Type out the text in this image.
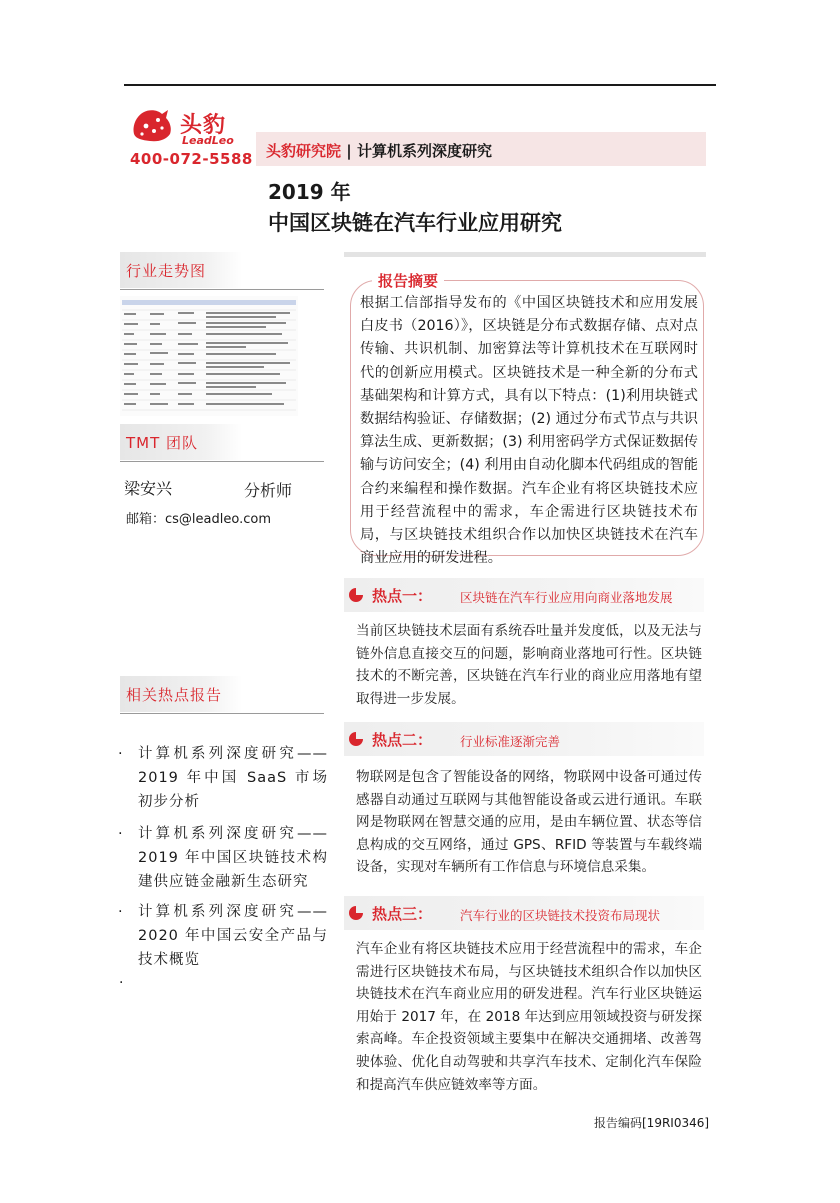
头豹
LeadLeo
400-072-5588 头豹研究院 | 计算机系列深度研究
2019 年
中国区块链在汽车行业应用研究
行业走势图
TMT 团队
梁安兴	分析师
邮箱：cs@leadleo.com
相关热点报告
· 计算机系列深度研究——2019 年中国 SaaS 市场初步分析
· 计算机系列深度研究——2019 年中国区块链技术构建供应链金融新生态研究
· 计算机系列深度研究——2020 年中国云安全产品与技术概览
·
报告摘要
根据工信部指导发布的《中国区块链技术和应用发展白皮书（2016）》，区块链是分布式数据存储、点对点传输、共识机制、加密算法等计算机技术在互联网时代的创新应用模式。区块链技术是一种全新的分布式基础架构和计算方式，具有以下特点：(1)利用块链式数据结构验证、存储数据；(2) 通过分布式节点与共识算法生成、更新数据；(3) 利用密码学方式保证数据传输与访问安全；(4) 利用由自动化脚本代码组成的智能合约来编程和操作数据。汽车企业有将区块链技术应用于经营流程中的需求，车企需进行区块链技术布局，与区块链技术组织合作以加快区块链技术在汽车商业应用的研发进程。
热点一： 区块链在汽车行业应用向商业落地发展
当前区块链技术层面有系统吞吐量并发度低，以及无法与链外信息直接交互的问题，影响商业落地可行性。区块链技术的不断完善，区块链在汽车行业的商业应用落地有望取得进一步发展。
热点二： 行业标准逐渐完善
物联网是包含了智能设备的网络，物联网中设备可通过传感器自动通过互联网与其他智能设备或云进行通讯。车联网是物联网在智慧交通的应用，是由车辆位置、状态等信息构成的交互网络，通过 GPS、RFID 等装置与车载终端设备，实现对车辆所有工作信息与环境信息采集。
热点三： 汽车行业的区块链技术投资布局现状
汽车企业有将区块链技术应用于经营流程中的需求，车企需进行区块链技术布局，与区块链技术组织合作以加快区块链技术在汽车商业应用的研发进程。汽车行业区块链运用始于 2017 年，在 2018 年达到应用领域投资与研发探索高峰。车企投资领域主要集中在解决交通拥堵、改善驾驶体验、优化自动驾驶和共享汽车技术、定制化汽车保险和提高汽车供应链效率等方面。
报告编码[19RI0346]
